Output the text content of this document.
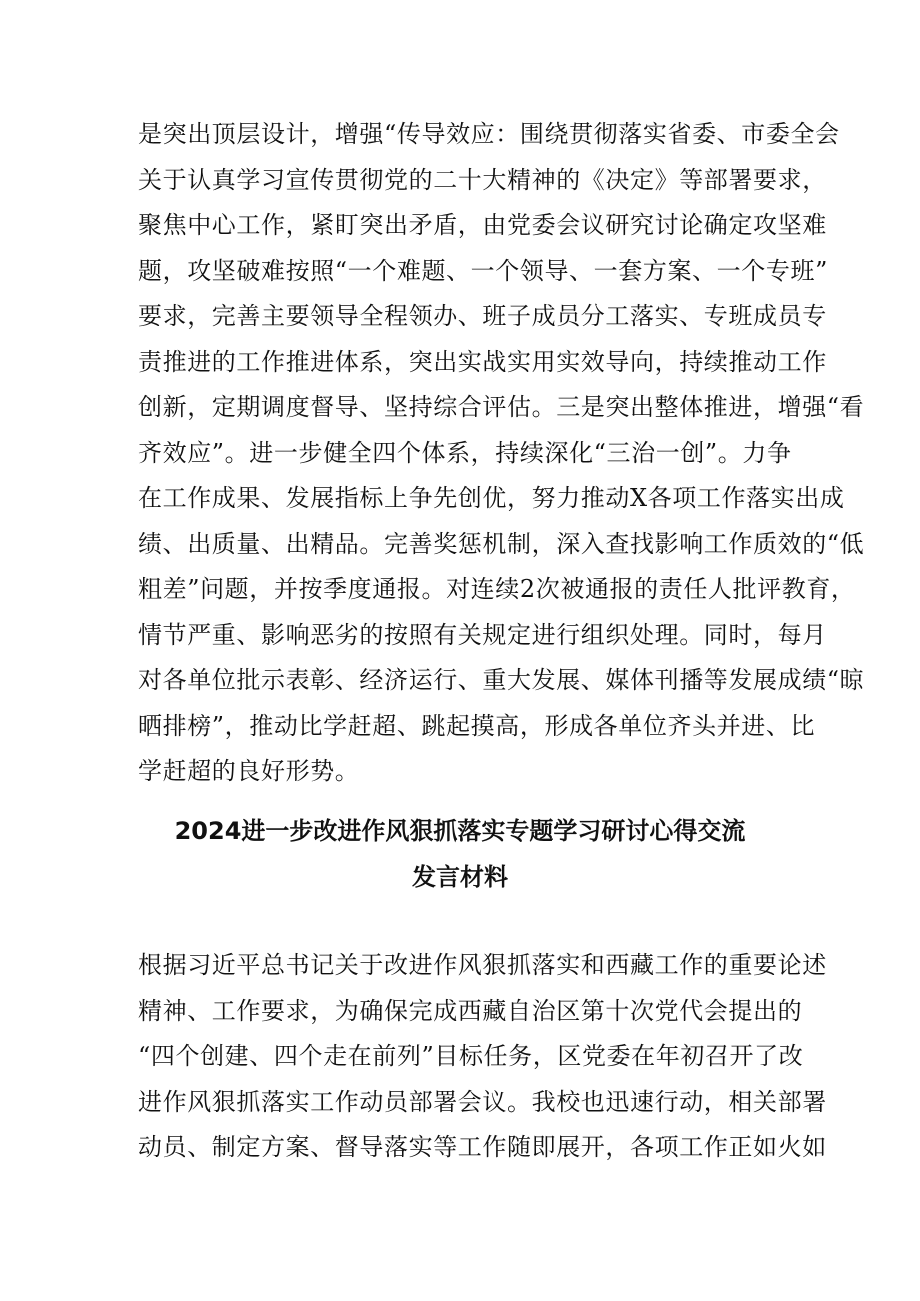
是突出顶层设计，增强“传导效应：围绕贯彻落实省委、市委全会
关于认真学习宣传贯彻党的二十大精神的《决定》等部署要求，
聚焦中心工作，紧盯突出矛盾，由党委会议研究讨论确定攻坚难
题，攻坚破难按照“一个难题、一个领导、一套方案、一个专班”
要求，完善主要领导全程领办、班子成员分工落实、专班成员专
责推进的工作推进体系，突出实战实用实效导向，持续推动工作
创新，定期调度督导、坚持综合评估。三是突出整体推进，增强“看
齐效应”。进一步健全四个体系，持续深化“三治一创”。力争
在工作成果、发展指标上争先创优，努力推动X各项工作落实出成
绩、出质量、出精品。完善奖惩机制，深入查找影响工作质效的“低
粗差”问题，并按季度通报。对连续2次被通报的责任人批评教育，
情节严重、影响恶劣的按照有关规定进行组织处理。同时，每月
对各单位批示表彰、经济运行、重大发展、媒体刊播等发展成绩“晾
晒排榜”，推动比学赶超、跳起摸高，形成各单位齐头并进、比
学赶超的良好形势。
2024进一步改进作风狠抓落实专题学习研讨心得交流
发言材料
根据习近平总书记关于改进作风狠抓落实和西藏工作的重要论述
精神、工作要求，为确保完成西藏自治区第十次党代会提出的
“四个创建、四个走在前列”目标任务，区党委在年初召开了改
进作风狠抓落实工作动员部署会议。我校也迅速行动，相关部署
动员、制定方案、督导落实等工作随即展开，各项工作正如火如
